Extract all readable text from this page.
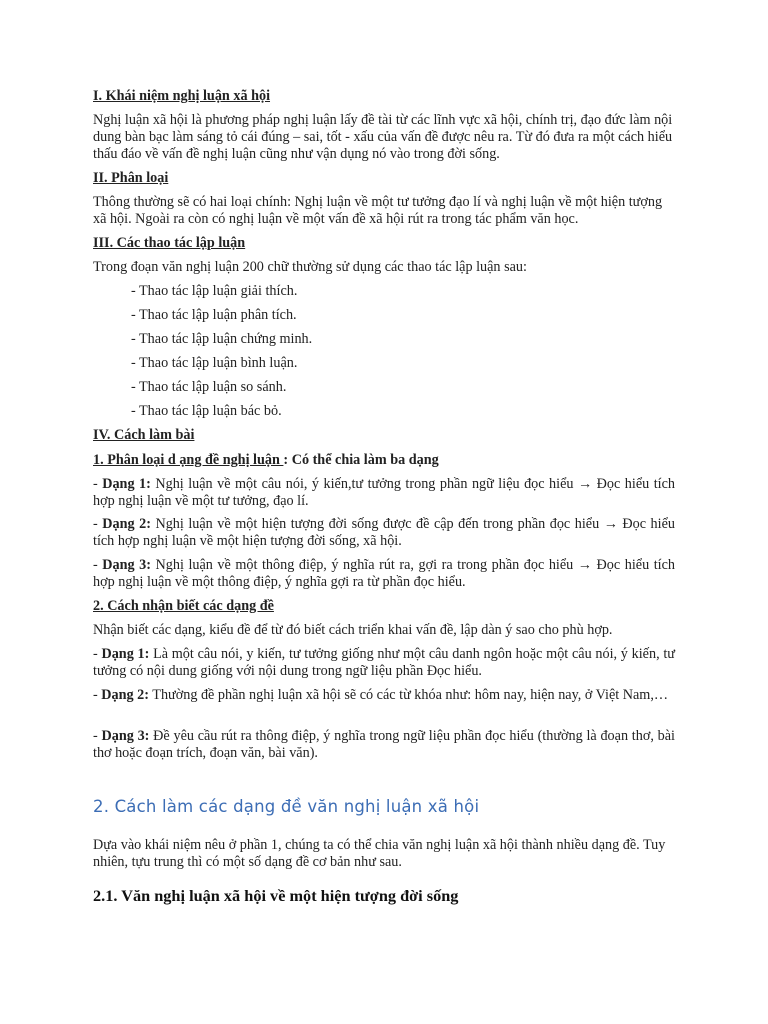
I. Khái niệm nghị luận xã hội

Nghị luận xã hội là phương pháp nghị luận lấy đề tài từ các lĩnh vực xã hội, chính trị, đạo đức làm nội dung bàn bạc làm sáng tỏ cái đúng – sai, tốt - xấu của vấn đề được nêu ra. Từ đó đưa ra một cách hiểu thấu đáo về vấn đề nghị luận cũng như vận dụng nó vào trong đời sống.

II. Phân loại

Thông thường sẽ có hai loại chính: Nghị luận về một tư tưởng đạo lí và nghị luận về một hiện tượng xã hội. Ngoài ra còn có nghị luận về một vấn đề xã hội rút ra trong tác phẩm văn học.

III. Các thao tác lập luận

Trong đoạn văn nghị luận 200 chữ thường sử dụng các thao tác lập luận sau:

- Thao tác lập luận giải thích.

- Thao tác lập luận phân tích.

- Thao tác lập luận chứng minh.

- Thao tác lập luận bình luận.

- Thao tác lập luận so sánh.

- Thao tác lập luận bác bỏ.

IV. Cách làm bài

1. Phân loại d ạng đề nghị luận : Có thể chia làm ba dạng

- Dạng 1: Nghị luận về một câu nói, ý kiến,tư tưởng trong phần ngữ liệu đọc hiểu → Đọc hiểu tích hợp nghị luận về một tư tưởng, đạo lí.

- Dạng 2: Nghị luận về một hiện tượng đời sống được đề cập đến trong phần đọc hiểu → Đọc hiểu tích hợp nghị luận về một hiện tượng đời sống, xã hội.

- Dạng 3: Nghị luận về một thông điệp, ý nghĩa rút ra, gợi ra trong phần đọc hiểu → Đọc hiểu tích hợp nghị luận về một thông điệp, ý nghĩa gợi ra từ phần đọc hiểu.

2. Cách nhận biết các dạng đề

Nhận biết các dạng, kiểu đề để từ đó biết cách triển khai vấn đề, lập dàn ý sao cho phù hợp.

- Dạng 1: Là một câu nói, y kiến, tư tưởng giống như một câu danh ngôn hoặc một câu nói, ý kiến, tư tưởng có nội dung giống với nội dung trong ngữ liệu phần Đọc hiểu.

- Dạng 2: Thường đề phần nghị luận xã hội sẽ có các từ khóa như: hôm nay, hiện nay, ở Việt Nam,…

- Dạng 3: Đề yêu cầu rút ra thông điệp, ý nghĩa trong ngữ liệu phần đọc hiểu (thường là đoạn thơ, bài thơ hoặc đoạn trích, đoạn văn, bài văn).

2. Cách làm các dạng đề văn nghị luận xã hội

Dựa vào khái niệm nêu ở phần 1, chúng ta có thể chia văn nghị luận xã hội thành nhiều dạng đề. Tuy nhiên, tựu trung thì có một số dạng đề cơ bản như sau.

2.1. Văn nghị luận xã hội về một hiện tượng đời sống
